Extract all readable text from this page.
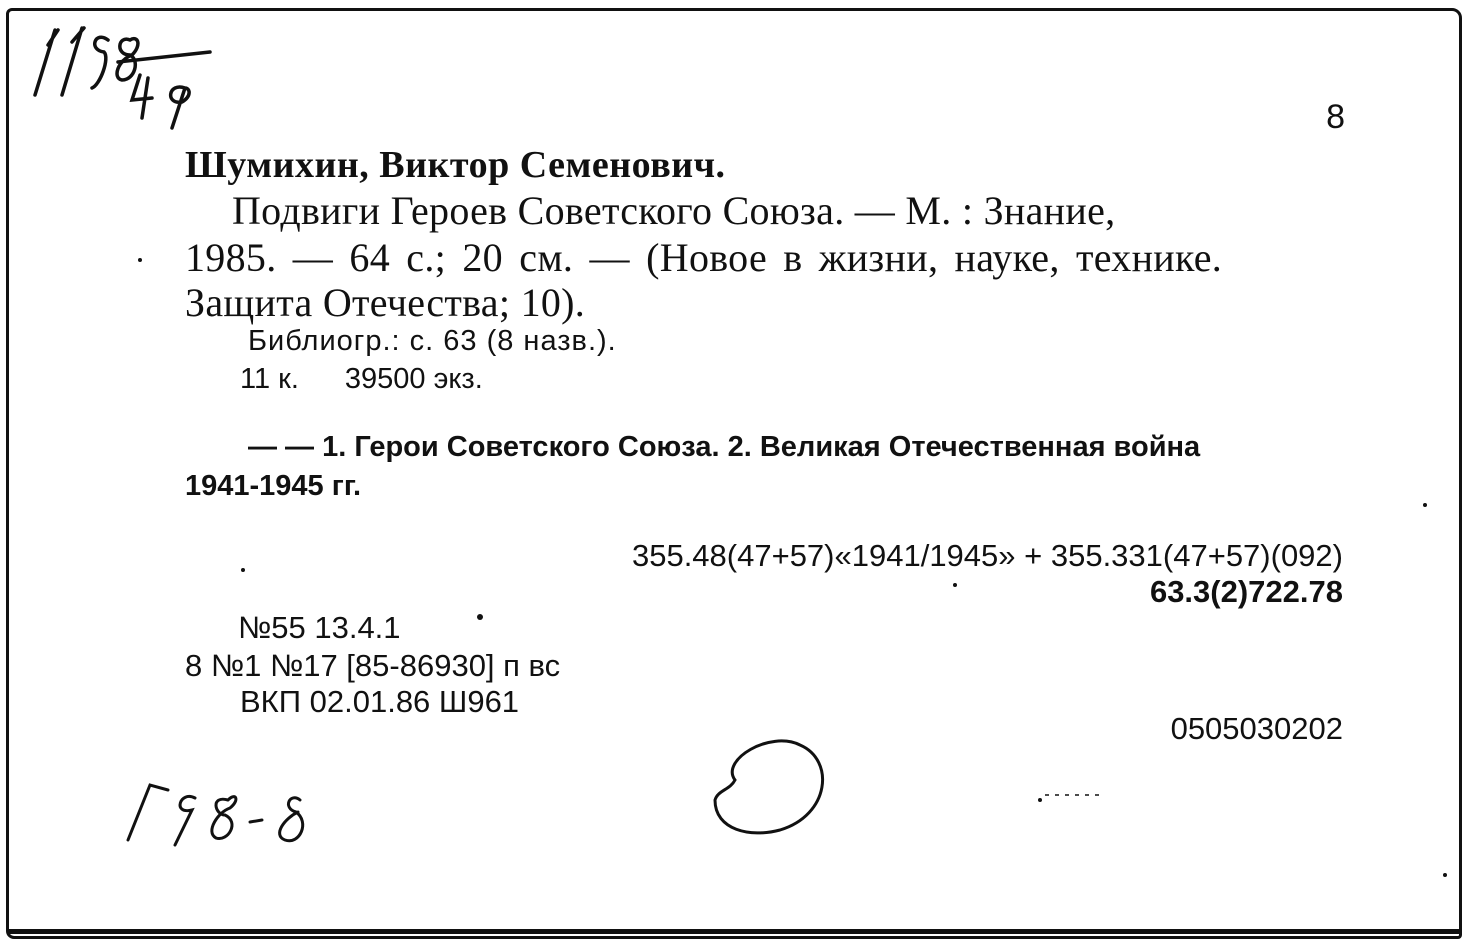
8
Шумихин, Виктор Семенович.
Подвиги Героев Советского Союза. — М. : Знание,
1985. — 64 с.; 20 см. — (Новое в жизни, науке, технике.
Защита Отечества; 10).
Библиогр.: с. 63 (8 назв.).
11 к. 39500 экз.
— — 1. Герои Советского Союза. 2. Великая Отечественная война
1941-1945 гг.
355.48(47+57)«1941/1945» + 355.331(47+57)(092)
63.3(2)722.78
№55 13.4.1
8 №1 №17 [85-86930] п вс
ВКП 02.01.86 Ш961
0505030202
